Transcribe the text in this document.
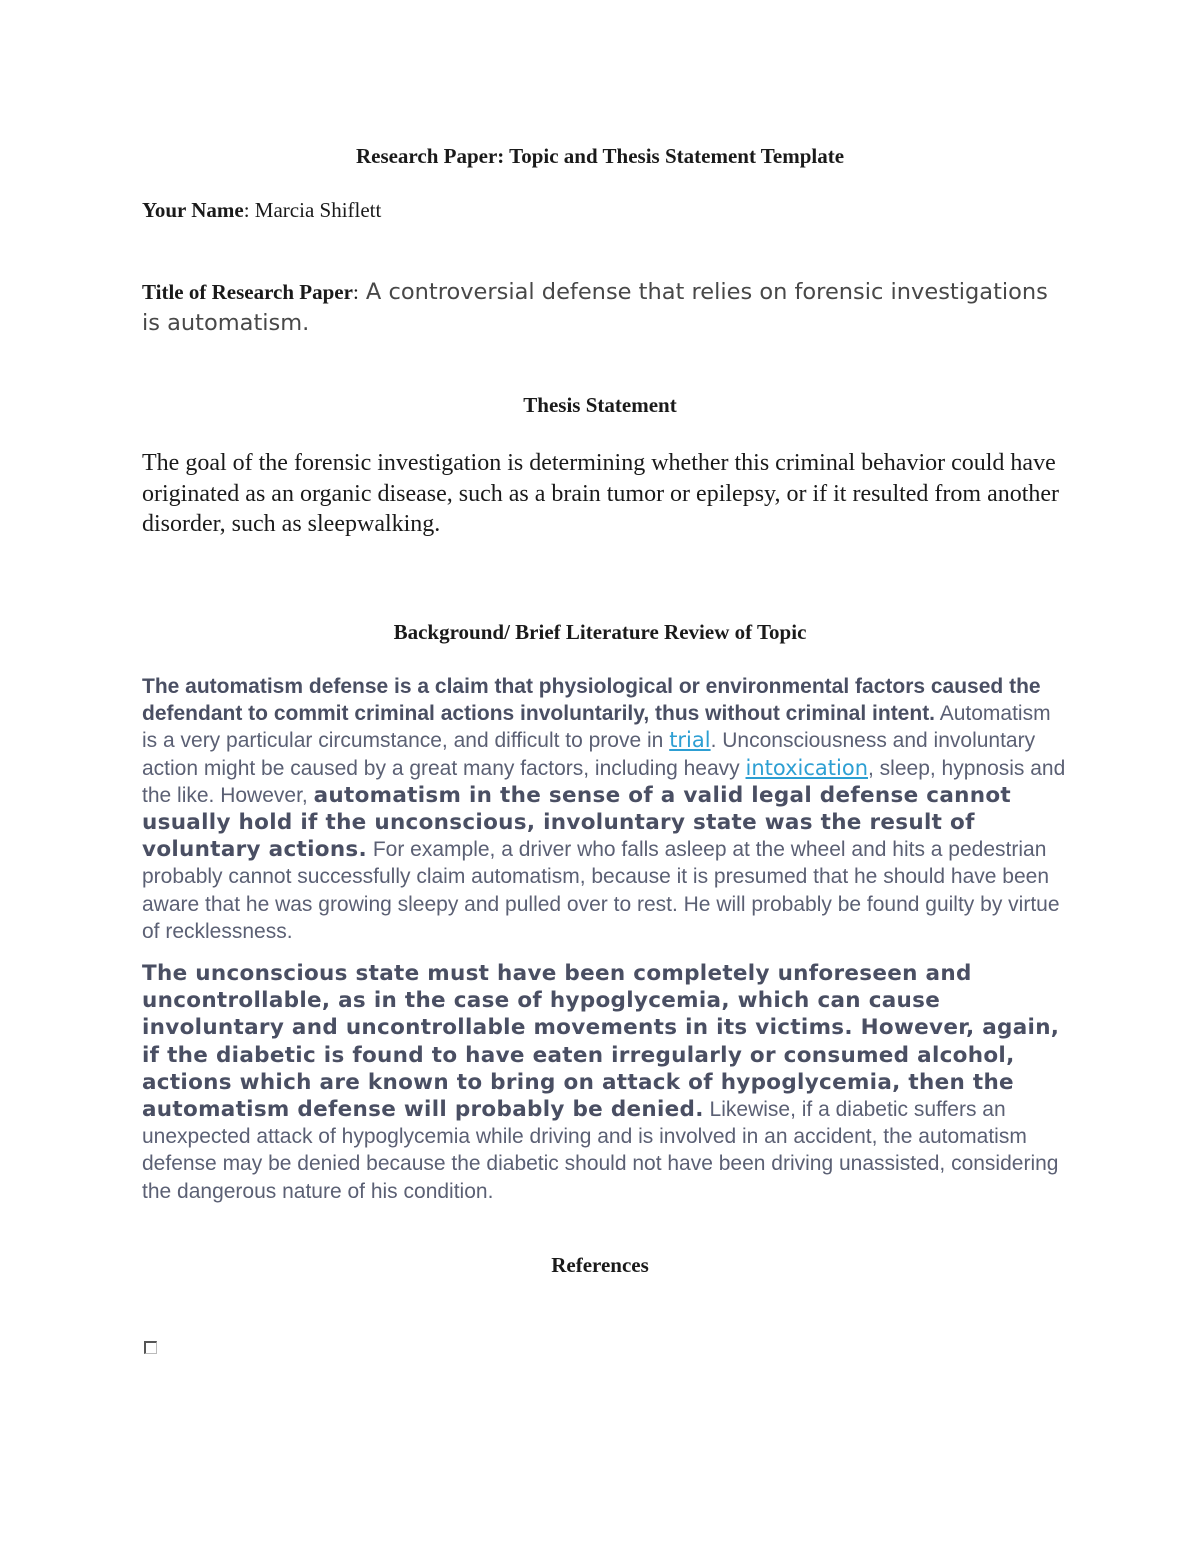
Research Paper: Topic and Thesis Statement Template

Your Name: Marcia Shiflett

Title of Research Paper: A controversial defense that relies on forensic investigations is automatism.

Thesis Statement

The goal of the forensic investigation is determining whether this criminal behavior could have originated as an organic disease, such as a brain tumor or epilepsy, or if it resulted from another disorder, such as sleepwalking.

Background/ Brief Literature Review of Topic

The automatism defense is a claim that physiological or environmental factors caused the defendant to commit criminal actions involuntarily, thus without criminal intent. Automatism is a very particular circumstance, and difficult to prove in trial. Unconsciousness and involuntary action might be caused by a great many factors, including heavy intoxication, sleep, hypnosis and the like. However, automatism in the sense of a valid legal defense cannot usually hold if the unconscious, involuntary state was the result of voluntary actions. For example, a driver who falls asleep at the wheel and hits a pedestrian probably cannot successfully claim automatism, because it is presumed that he should have been aware that he was growing sleepy and pulled over to rest. He will probably be found guilty by virtue of recklessness.

The unconscious state must have been completely unforeseen and uncontrollable, as in the case of hypoglycemia, which can cause involuntary and uncontrollable movements in its victims. However, again, if the diabetic is found to have eaten irregularly or consumed alcohol, actions which are known to bring on attack of hypoglycemia, then the automatism defense will probably be denied. Likewise, if a diabetic suffers an unexpected attack of hypoglycemia while driving and is involved in an accident, the automatism defense may be denied because the diabetic should not have been driving unassisted, considering the dangerous nature of his condition.

References
